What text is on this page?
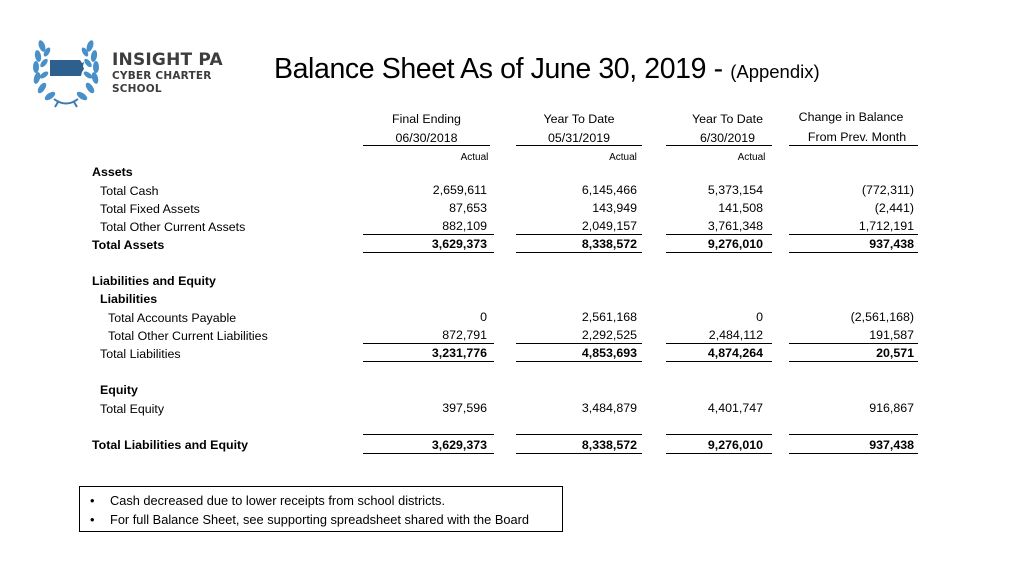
INSIGHT PA
CYBER CHARTER SCHOOL
Balance Sheet As of June 30, 2019 - (Appendix)
Final Ending
06/30/2018
Actual
Year To Date
05/31/2019
Actual
Year To Date
6/30/2019
Actual
Change in Balance
From Prev. Month
Assets
Total Cash	2,659,611	6,145,466	5,373,154	(772,311)
Total Fixed Assets	87,653	143,949	141,508	(2,441)
Total Other Current Assets	882,109	2,049,157	3,761,348	1,712,191
Total Assets	3,629,373	8,338,572	9,276,010	937,438
Liabilities and Equity
Liabilities
Total Accounts Payable	0	2,561,168	0	(2,561,168)
Total Other Current Liabilities	872,791	2,292,525	2,484,112	191,587
Total Liabilities	3,231,776	4,853,693	4,874,264	20,571
Equity
Total Equity	397,596	3,484,879	4,401,747	916,867
Total Liabilities and Equity	3,629,373	8,338,572	9,276,010	937,438
• Cash decreased due to lower receipts from school districts.
• For full Balance Sheet, see supporting spreadsheet shared with the Board
